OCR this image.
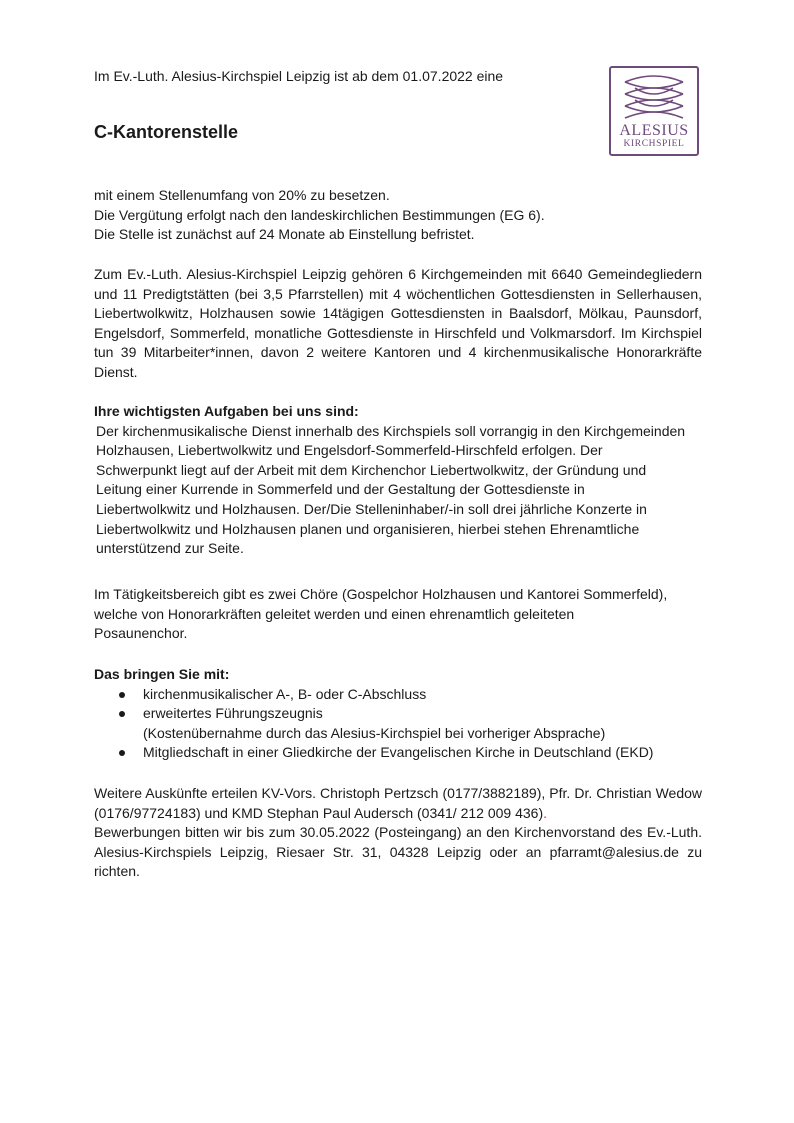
Im Ev.-Luth. Alesius-Kirchspiel Leipzig ist ab dem 01.07.2022 eine
C-Kantorenstelle	ALESIUS
KIRCHSPIEL

mit einem Stellenumfang von 20% zu besetzen.

Die Vergütung erfolgt nach den landeskirchlichen Bestimmungen (EG 6).

Die Stelle ist zunächst auf 24 Monate ab Einstellung befristet.

Zum Ev.-Luth. Alesius-Kirchspiel Leipzig gehören 6 Kirchgemeinden mit 6640 Gemeindegliedern und 11 Predigtstätten (bei 3,5 Pfarrstellen) mit 4 wöchentlichen Gottesdiensten in Sellerhausen, Liebertwolkwitz, Holzhausen sowie 14tägigen Gottesdiensten in Baalsdorf, Mölkau, Paunsdorf, Engelsdorf, Sommerfeld, monatliche Gottesdienste in Hirschfeld und Volkmarsdorf. Im Kirchspiel tun 39 Mitarbeiter*innen, davon 2 weitere Kantoren und 4 kirchenmusikalische Honorarkräfte Dienst.

Ihre wichtigsten Aufgaben bei uns sind:

Der kirchenmusikalische Dienst innerhalb des Kirchspiels soll vorrangig in den Kirchgemeinden

Holzhausen, Liebertwolkwitz und Engelsdorf-Sommerfeld-Hirschfeld erfolgen. Der

Schwerpunkt liegt auf der Arbeit mit dem Kirchenchor Liebertwolkwitz, der Gründung und

Leitung einer Kurrende in Sommerfeld und der Gestaltung der Gottesdienste in

Liebertwolkwitz und Holzhausen. Der/Die Stelleninhaber/-in soll drei jährliche Konzerte in

Liebertwolkwitz und Holzhausen planen und organisieren, hierbei stehen Ehrenamtliche

unterstützend zur Seite.

Im Tätigkeitsbereich gibt es zwei Chöre (Gospelchor Holzhausen und Kantorei Sommerfeld),

welche von Honorarkräften geleitet werden und einen ehrenamtlich geleiteten

Posaunenchor.

Das bringen Sie mit:

kirchenmusikalischer A-, B- oder C-Abschluss
erweitertes Führungszeugnis
(Kostenübernahme durch das Alesius-Kirchspiel bei vorheriger Absprache)
Mitgliedschaft in einer Gliedkirche der Evangelischen Kirche in Deutschland (EKD)

Weitere Auskünfte erteilen KV-Vors. Christoph Pertzsch (0177/3882189), Pfr. Dr. Christian Wedow (0176/97724183) und KMD Stephan Paul Audersch (0341/ 212 009 436).

Bewerbungen bitten wir bis zum 30.05.2022 (Posteingang) an den Kirchenvorstand des Ev.-Luth. Alesius-Kirchspiels Leipzig, Riesaer Str. 31, 04328 Leipzig oder an pfarramt@alesius.de zu richten.
